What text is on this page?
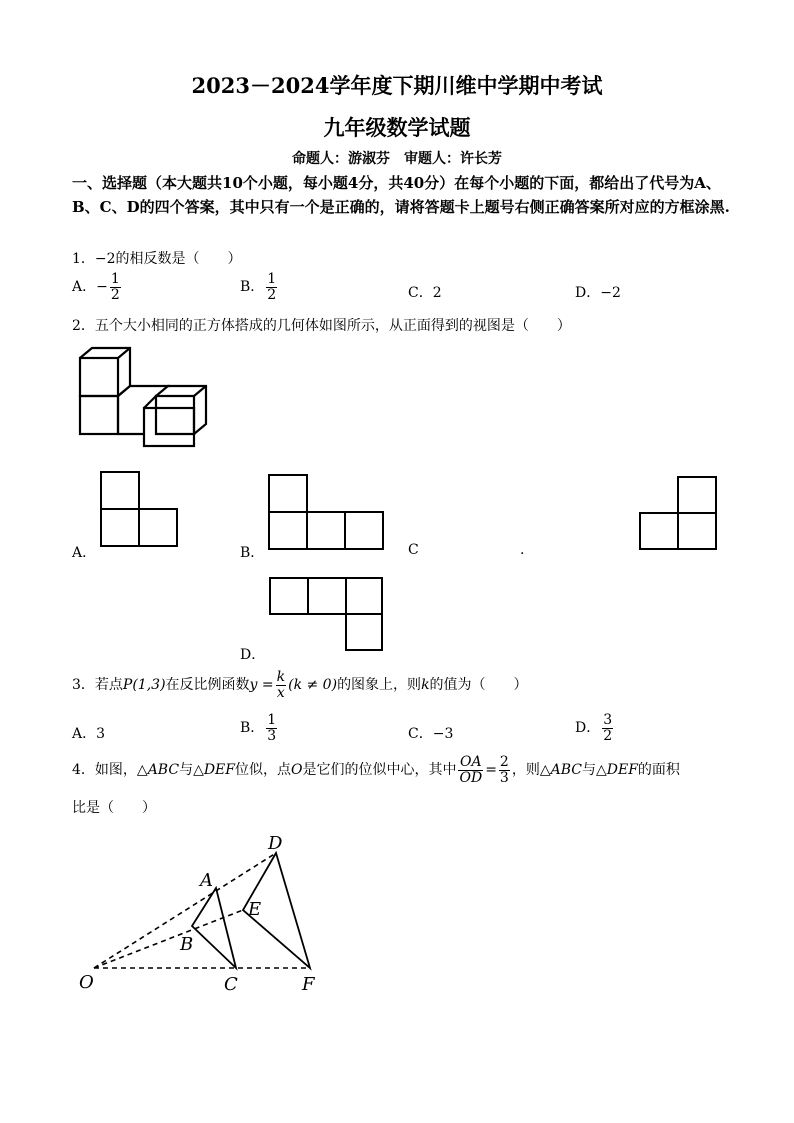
2023－2024学年度下期川维中学期中考试
九年级数学试题
命题人：游淑芬　审题人：许长芳
一、选择题（本大题共10个小题，每小题4分，共40分）在每个小题的下面，都给出了代号为A、B、C、D的四个答案，其中只有一个是正确的，请将答题卡上题号右侧正确答案所对应的方框涂黑.
1．−2的相反数是（　　）
A．− $\frac{1}{2}$	B． $\frac{1}{2}$	C．2	D．−2
2．五个大小相同的正方体搭成的几何体如图所示，从正面得到的视图是（　　）
A．	B．	C	.
D．
3．若点P(1,3)在反比例函数$y = \frac{k}{x} (k \ne 0)$的图象上，则k的值为（　　）
A．3	B． $\frac{1}{3}$	C．−3	D． $\frac{3}{2}$
4．如图，△ABC与△DEF位似，点O是它们的位似中心，其中 $\frac{OA}{OD} = \frac{2}{3}$ ，则△ABC与△DEF的面积
比是（　　）
O
A
B
C
D
E
F
